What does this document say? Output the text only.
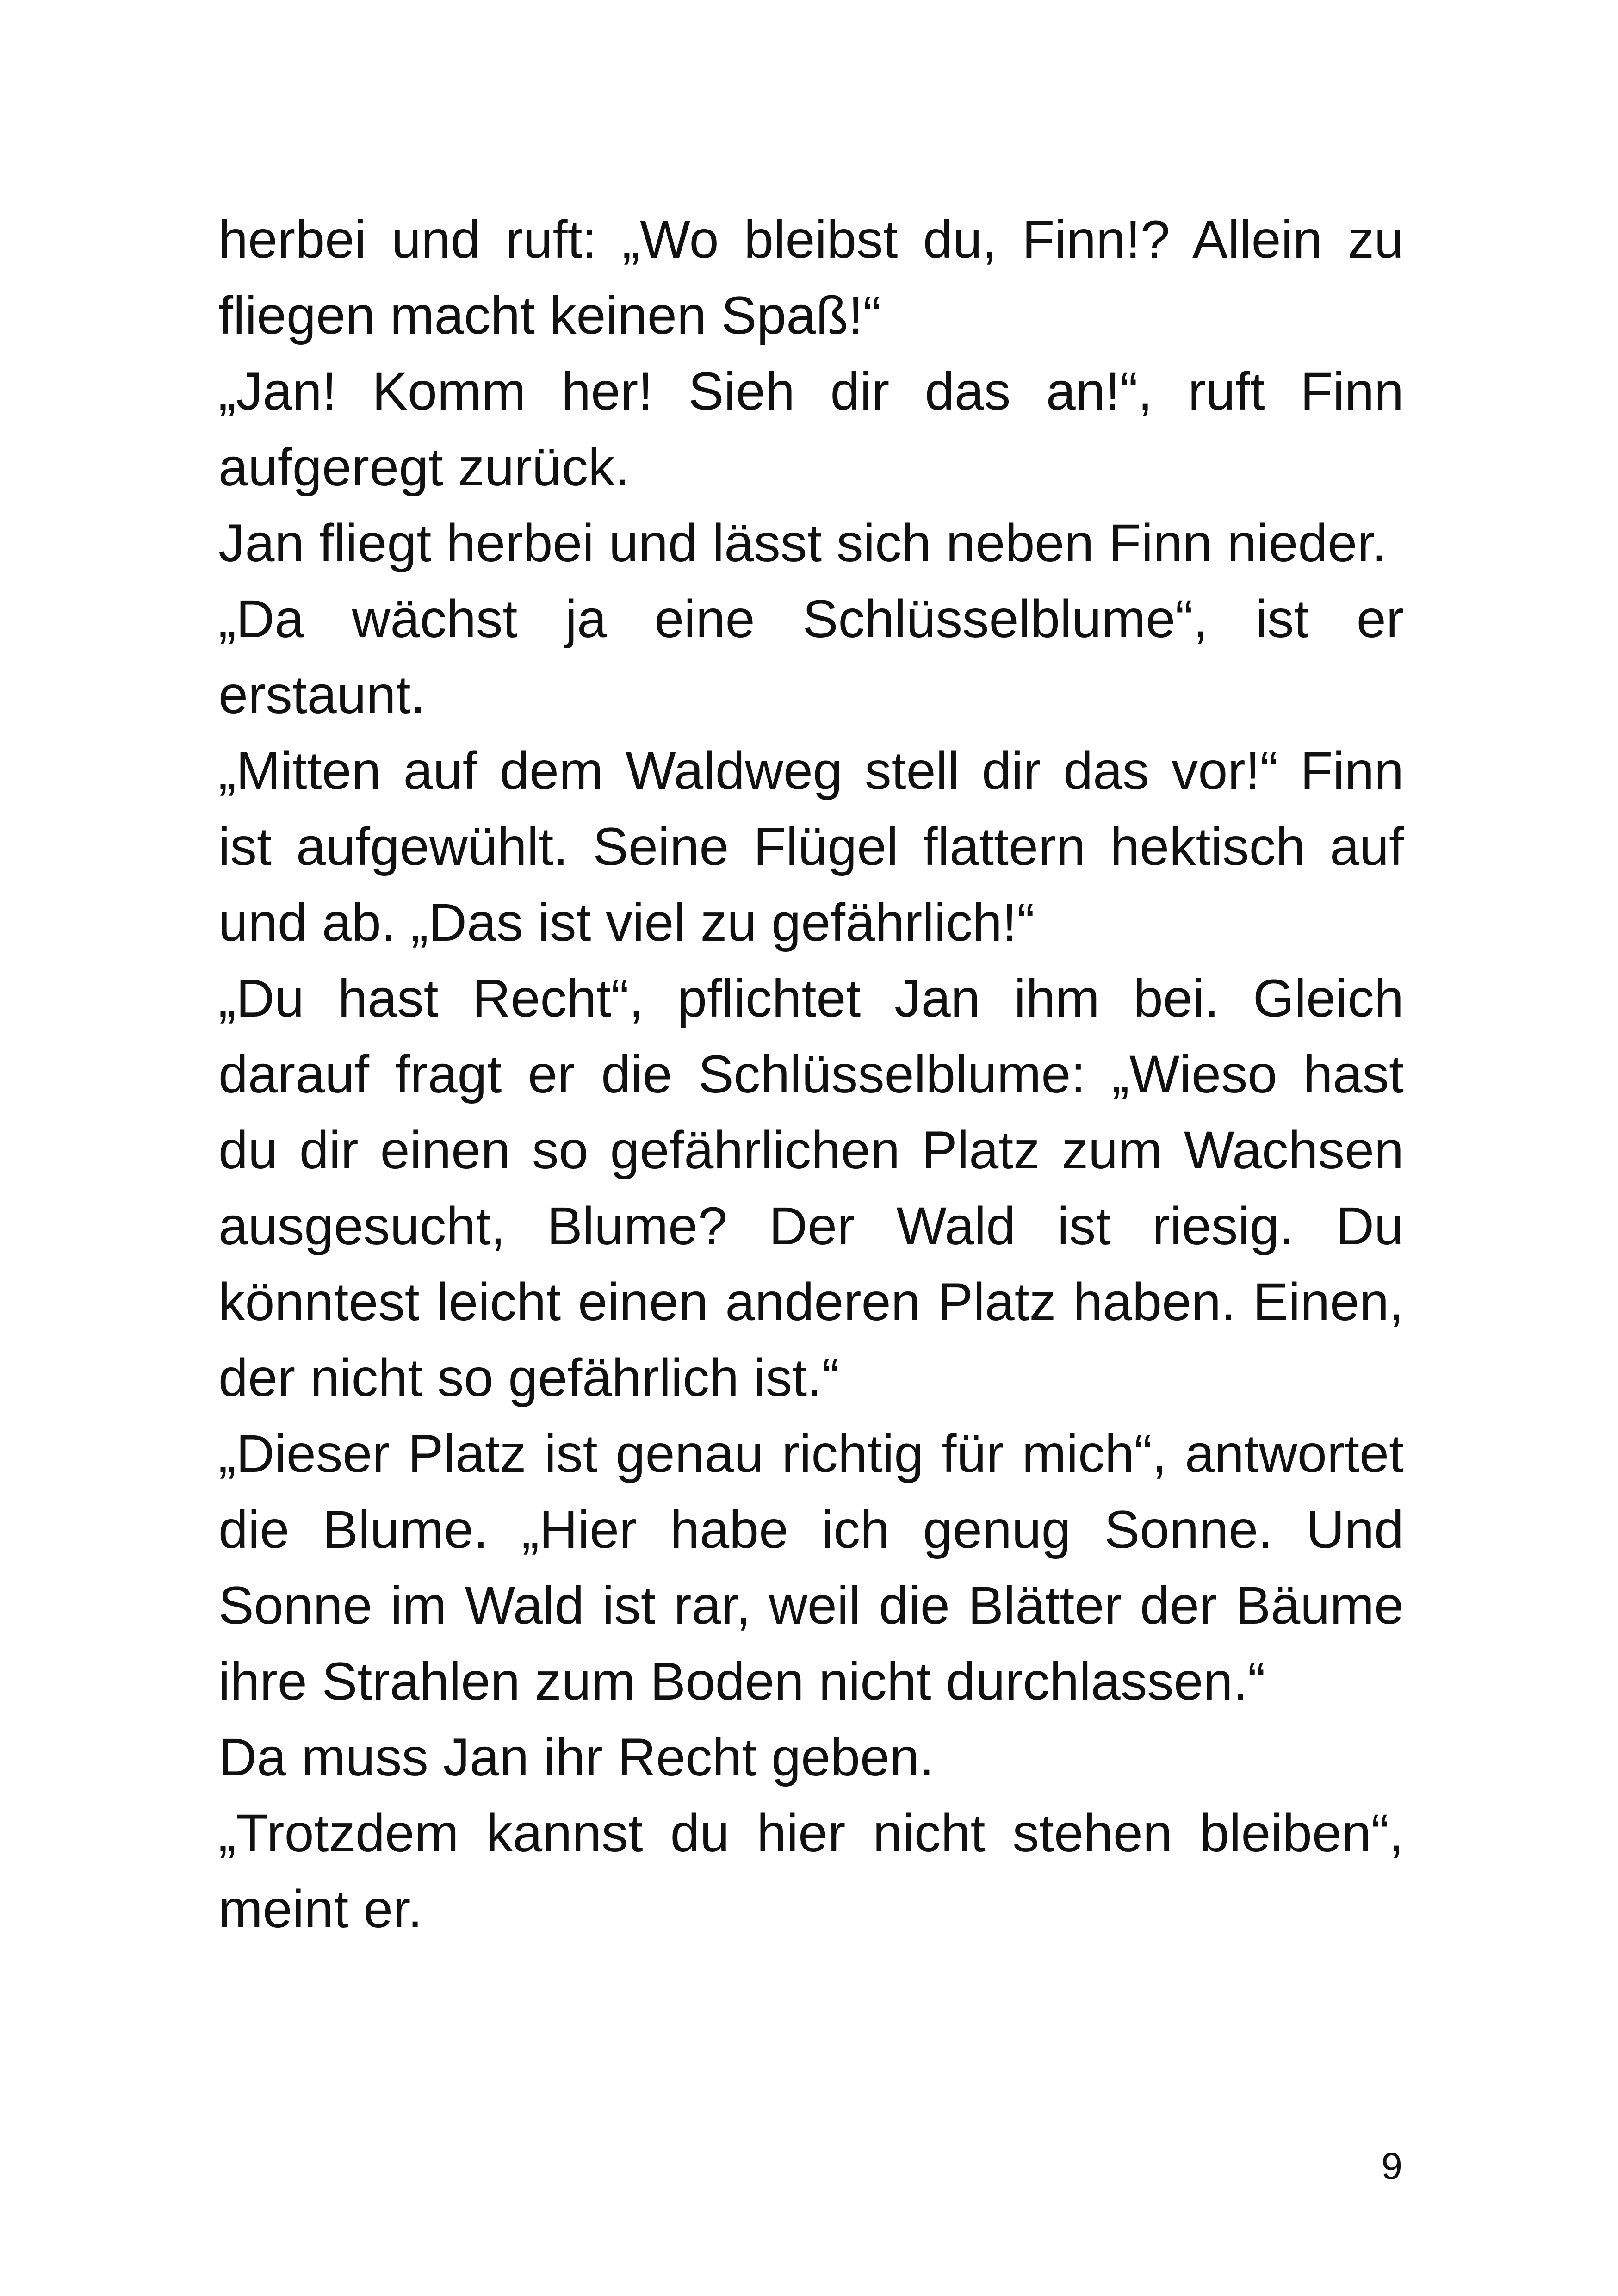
herbei und ruft: „Wo bleibst du, Finn!? Allein zu fliegen macht keinen Spaß!“

„Jan! Komm her! Sieh dir das an!“, ruft Finn aufgeregt zurück.

Jan fliegt herbei und lässt sich neben Finn nieder.

„Da wächst ja eine Schlüsselblume“, ist er erstaunt.

„Mitten auf dem Waldweg stell dir das vor!“ Finn ist aufgewühlt. Seine Flügel flattern hektisch auf und ab. „Das ist viel zu gefährlich!“

„Du hast Recht“, pflichtet Jan ihm bei. Gleich darauf fragt er die Schlüsselblume: „Wieso hast du dir einen so gefährlichen Platz zum Wachsen ausgesucht, Blume? Der Wald ist riesig. Du könntest leicht einen anderen Platz haben. Einen, der nicht so gefährlich ist.“

„Dieser Platz ist genau richtig für mich“, antwortet die Blume. „Hier habe ich genug Sonne. Und Sonne im Wald ist rar, weil die Blätter der Bäume ihre Strahlen zum Boden nicht durchlassen.“

Da muss Jan ihr Recht geben.

„Trotzdem kannst du hier nicht stehen bleiben“, meint er.

9
